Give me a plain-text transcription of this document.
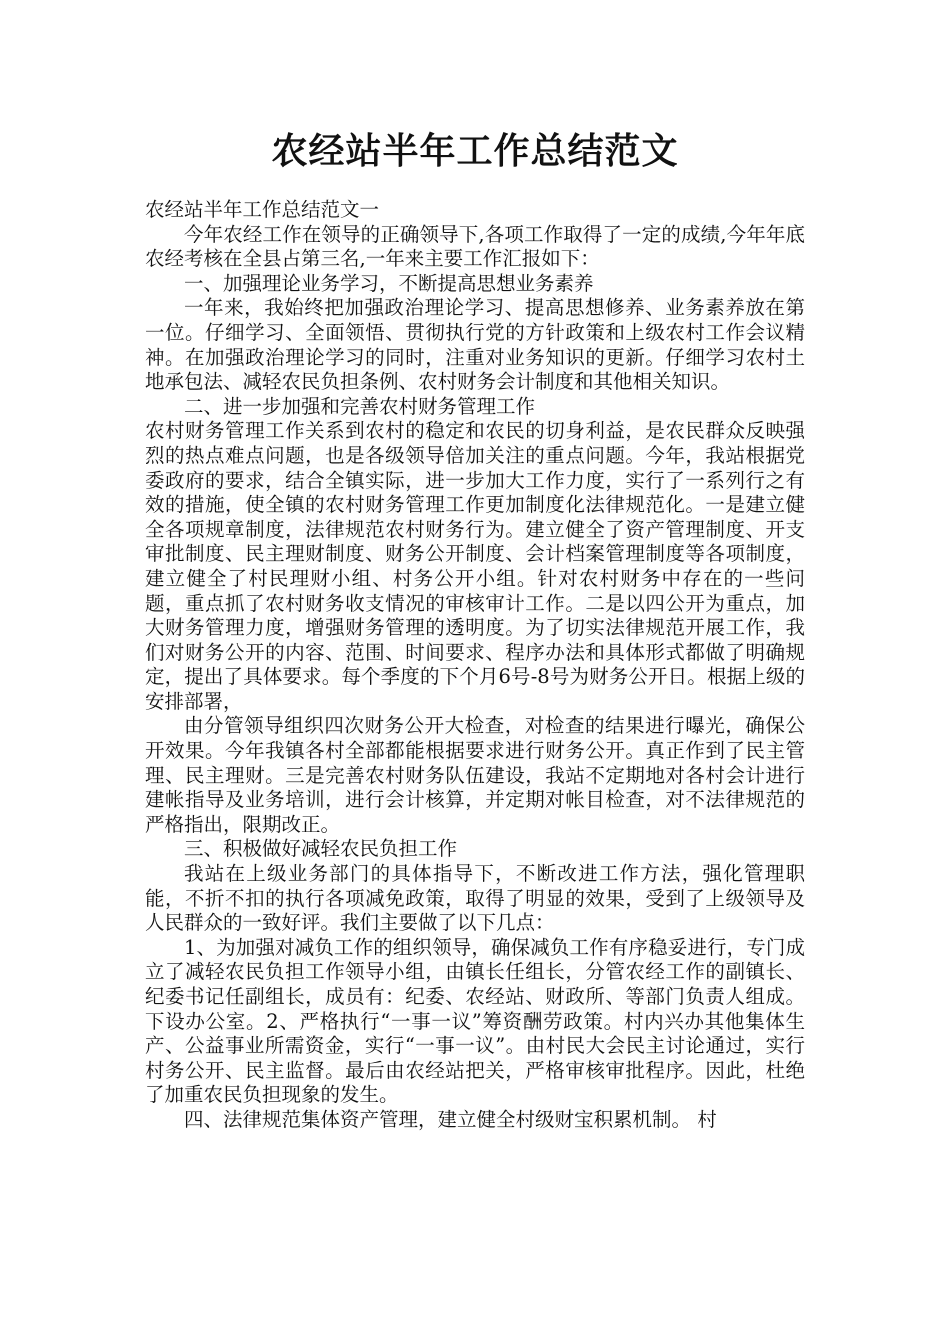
农经站半年工作总结范文

农经站半年工作总结范文一

今年农经工作在领导的正确领导下,各项工作取得了一定的成绩,今年年底农经考核在全县占第三名,一年来主要工作汇报如下：

一、加强理论业务学习，不断提高思想业务素养

一年来，我始终把加强政治理论学习、提高思想修养、业务素养放在第一位。仔细学习、全面领悟、贯彻执行党的方针政策和上级农村工作会议精神。在加强政治理论学习的同时，注重对业务知识的更新。仔细学习农村土地承包法、减轻农民负担条例、农村财务会计制度和其他相关知识。

二、进一步加强和完善农村财务管理工作

农村财务管理工作关系到农村的稳定和农民的切身利益，是农民群众反映强烈的热点难点问题，也是各级领导倍加关注的重点问题。今年，我站根据党委政府的要求，结合全镇实际，进一步加大工作力度，实行了一系列行之有效的措施，使全镇的农村财务管理工作更加制度化法律规范化。一是建立健全各项规章制度，法律规范农村财务行为。建立健全了资产管理制度、开支审批制度、民主理财制度、财务公开制度、会计档案管理制度等各项制度，建立健全了村民理财小组、村务公开小组。针对农村财务中存在的一些问题，重点抓了农村财务收支情况的审核审计工作。二是以四公开为重点，加大财务管理力度，增强财务管理的透明度。为了切实法律规范开展工作，我们对财务公开的内容、范围、时间要求、程序办法和具体形式都做了明确规定，提出了具体要求。每个季度的下个月6号-8号为财务公开日。根据上级的安排部署，

由分管领导组织四次财务公开大检查，对检查的结果进行曝光，确保公开效果。今年我镇各村全部都能根据要求进行财务公开。真正作到了民主管理、民主理财。三是完善农村财务队伍建设，我站不定期地对各村会计进行建帐指导及业务培训，进行会计核算，并定期对帐目检查，对不法律规范的严格指出，限期改正。

三、积极做好减轻农民负担工作

我站在上级业务部门的具体指导下，不断改进工作方法，强化管理职能，不折不扣的执行各项减免政策，取得了明显的效果，受到了上级领导及人民群众的一致好评。我们主要做了以下几点：

1、为加强对减负工作的组织领导，确保减负工作有序稳妥进行，专门成立了减轻农民负担工作领导小组，由镇长任组长，分管农经工作的副镇长、纪委书记任副组长，成员有：纪委、农经站、财政所、等部门负责人组成。下设办公室。2、严格执行“一事一议”筹资酬劳政策。村内兴办其他集体生产、公益事业所需资金，实行“一事一议”。由村民大会民主讨论通过，实行村务公开、民主监督。最后由农经站把关，严格审核审批程序。因此，杜绝了加重农民负担现象的发生。

四、法律规范集体资产管理，建立健全村级财宝积累机制。 村
